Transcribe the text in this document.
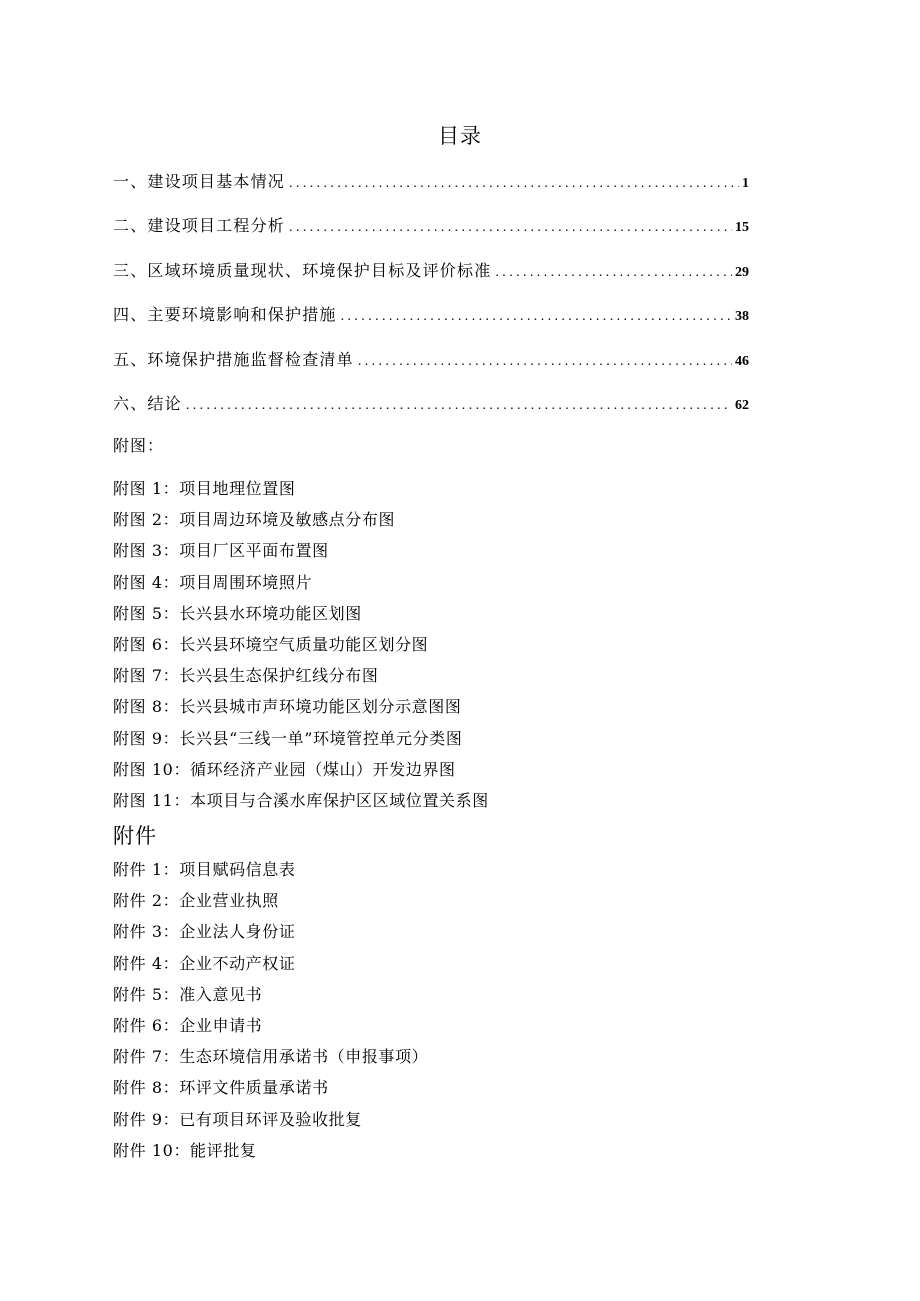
目录
一、建设项目基本情况 .....	1
二、建设项目工程分析 .....	15
三、区域环境质量现状、环境保护目标及评价标准 .....	29
四、主要环境影响和保护措施 .....	38
五、环境保护措施监督检查清单 .....	46
六、结论 .....	62
附图：
附图 1：项目地理位置图
附图 2：项目周边环境及敏感点分布图
附图 3：项目厂区平面布置图
附图 4：项目周围环境照片
附图 5：长兴县水环境功能区划图
附图 6：长兴县环境空气质量功能区划分图
附图 7：长兴县生态保护红线分布图
附图 8：长兴县城市声环境功能区划分示意图图
附图 9：长兴县“三线一单”环境管控单元分类图
附图 10：循环经济产业园（煤山）开发边界图
附图 11：本项目与合溪水库保护区区域位置关系图
附件
附件 1：项目赋码信息表
附件 2：企业营业执照
附件 3：企业法人身份证
附件 4：企业不动产权证
附件 5：准入意见书
附件 6：企业申请书
附件 7：生态环境信用承诺书（申报事项）
附件 8：环评文件质量承诺书
附件 9：已有项目环评及验收批复
附件 10：能评批复
